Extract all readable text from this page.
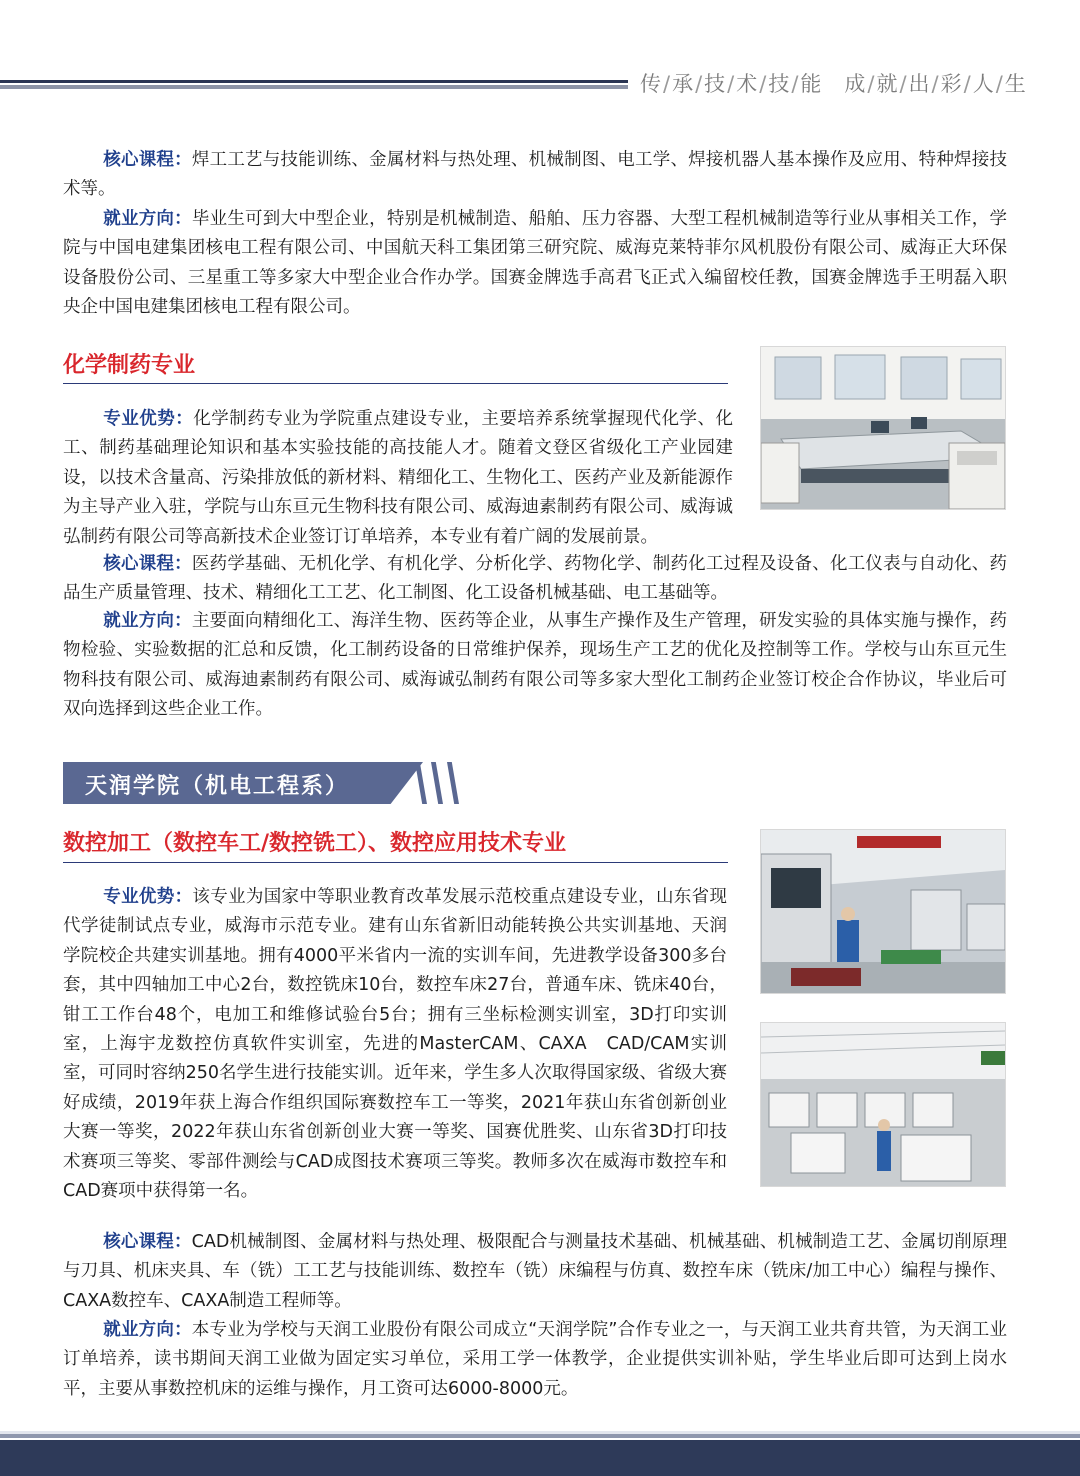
传/承/技/术/技/能 成/就/出/彩/人/生

核心课程：焊工工艺与技能训练、金属材料与热处理、机械制图、电工学、焊接机器人基本操作及应用、特种焊接技术等。

就业方向：毕业生可到大中型企业，特别是机械制造、船舶、压力容器、大型工程机械制造等行业从事相关工作，学院与中国电建集团核电工程有限公司、中国航天科工集团第三研究院、威海克莱特菲尔风机股份有限公司、威海正大环保设备股份公司、三星重工等多家大中型企业合作办学。国赛金牌选手高君飞正式入编留校任教，国赛金牌选手王明磊入职央企中国电建集团核电工程有限公司。

化学制药专业

专业优势：化学制药专业为学院重点建设专业，主要培养系统掌握现代化学、化工、制药基础理论知识和基本实验技能的高技能人才。随着文登区省级化工产业园建设，以技术含量高、污染排放低的新材料、精细化工、生物化工、医药产业及新能源作为主导产业入驻，学院与山东亘元生物科技有限公司、威海迪素制药有限公司、威海诚弘制药有限公司等高新技术企业签订订单培养，本专业有着广阔的发展前景。

核心课程：医药学基础、无机化学、有机化学、分析化学、药物化学、制药化工过程及设备、化工仪表与自动化、药品生产质量管理、技术、精细化工工艺、化工制图、化工设备机械基础、电工基础等。

就业方向：主要面向精细化工、海洋生物、医药等企业，从事生产操作及生产管理，研发实验的具体实施与操作，药物检验、实验数据的汇总和反馈，化工制药设备的日常维护保养，现场生产工艺的优化及控制等工作。学校与山东亘元生物科技有限公司、威海迪素制药有限公司、威海诚弘制药有限公司等多家大型化工制药企业签订校企合作协议，毕业后可双向选择到这些企业工作。

天润学院（机电工程系）
数控加工（数控车工/数控铣工）、数控应用技术专业

专业优势：该专业为国家中等职业教育改革发展示范校重点建设专业，山东省现代学徒制试点专业，威海市示范专业。建有山东省新旧动能转换公共实训基地、天润学院校企共建实训基地。拥有4000平米省内一流的实训车间，先进教学设备300多台套，其中四轴加工中心2台，数控铣床10台，数控车床27台，普通车床、铣床40台，钳工工作台48个，电加工和维修试验台5台；拥有三坐标检测实训室，3D打印实训室，上海宇龙数控仿真软件实训室，先进的MasterCAM、CAXA　CAD/CAM实训室，可同时容纳250名学生进行技能实训。近年来，学生多人次取得国家级、省级大赛好成绩，2019年获上海合作组织国际赛数控车工一等奖，2021年获山东省创新创业大赛一等奖，2022年获山东省创新创业大赛一等奖、国赛优胜奖、山东省3D打印技术赛项三等奖、零部件测绘与CAD成图技术赛项三等奖。教师多次在威海市数控车和CAD赛项中获得第一名。

核心课程：CAD机械制图、金属材料与热处理、极限配合与测量技术基础、机械基础、机械制造工艺、金属切削原理与刀具、机床夹具、车（铣）工工艺与技能训练、数控车（铣）床编程与仿真、数控车床（铣床/加工中心）编程与操作、CAXA数控车、CAXA制造工程师等。

就业方向：本专业为学校与天润工业股份有限公司成立“天润学院”合作专业之一，与天润工业共育共管，为天润工业订单培养，读书期间天润工业做为固定实习单位，采用工学一体教学，企业提供实训补贴，学生毕业后即可达到上岗水平，主要从事数控机床的运维与操作，月工资可达6000-8000元。
